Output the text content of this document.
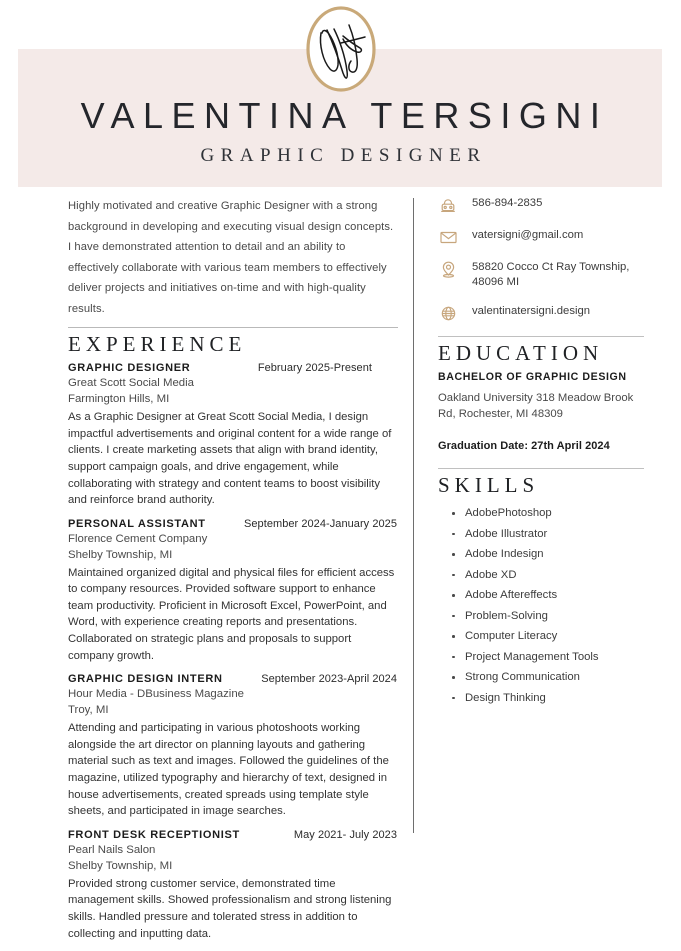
VALENTINA TERSIGNI
GRAPHIC DESIGNER

Highly motivated and creative Graphic Designer with a strong background in developing and executing visual design concepts. I have demonstrated attention to detail and an ability to effectively collaborate with various team members to effectively deliver projects and initiatives on-time and with high-quality results.

EXPERIENCE
GRAPHIC DESIGNER	February 2025-Present
Great Scott Social Media
Farmington Hills, MI
As a Graphic Designer at Great Scott Social Media, I design impactful advertisements and original content for a wide range of clients. I create marketing assets that align with brand identity, support campaign goals, and drive engagement, while collaborating with strategy and content teams to boost visibility and reinforce brand authority.
PERSONAL ASSISTANT	September 2024-January 2025
Florence Cement Company
Shelby Township, MI
Maintained organized digital and physical files for efficient access to company resources. Provided software support to enhance team productivity. Proficient in Microsoft Excel, PowerPoint, and Word, with experience creating reports and presentations. Collaborated on strategic plans and proposals to support company growth.
GRAPHIC DESIGN INTERN	September 2023-April 2024
Hour Media - DBusiness Magazine
Troy, MI
Attending and participating in various photoshoots working alongside the art director on planning layouts and gathering material such as text and images. Followed the guidelines of the magazine, utilized typography and hierarchy of text, designed in house advertisements, created spreads using template style sheets, and participated in image searches.
FRONT DESK RECEPTIONIST	May 2021- July 2023
Pearl Nails Salon
Shelby Township, MI
Provided strong customer service, demonstrated time management skills. Showed professionalism and strong listening skills. Handled pressure and tolerated stress in addition to collecting and inputting data.
586-894-2835
vatersigni@gmail.com
58820 Cocco Ct Ray Township, 48096 MI
valentinatersigni.design
EDUCATION
BACHELOR OF GRAPHIC DESIGN
Oakland University 318 Meadow Brook Rd, Rochester, MI 48309
Graduation Date: 27th April 2024
SKILLS
AdobePhotoshop
Adobe Illustrator
Adobe Indesign
Adobe XD
Adobe Aftereffects
Problem-Solving
Computer Literacy
Project Management Tools
Strong Communication
Design Thinking
